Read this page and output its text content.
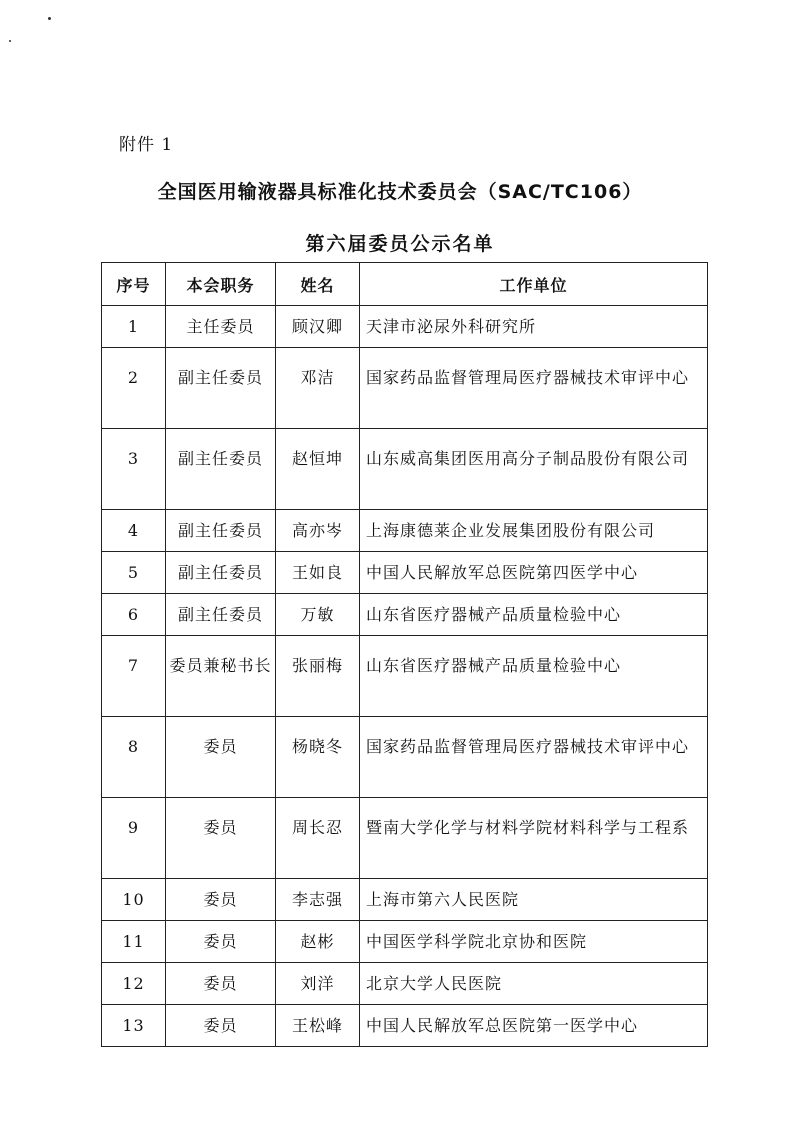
附件 1
全国医用输液器具标准化技术委员会（SAC/TC106）
第六届委员公示名单
序号	本会职务	姓名	工作单位

1	主任委员	顾汉卿	天津市泌尿外科研究所

2	副主任委员	邓洁	国家药品监督管理局医疗器械技术审评中心

3	副主任委员	赵恒坤	山东威高集团医用高分子制品股份有限公司

4	副主任委员	高亦岑	上海康德莱企业发展集团股份有限公司

5	副主任委员	王如良	中国人民解放军总医院第四医学中心

6	副主任委员	万敏	山东省医疗器械产品质量检验中心

7	委员兼秘书长	张丽梅	山东省医疗器械产品质量检验中心

8	委员	杨晓冬	国家药品监督管理局医疗器械技术审评中心

9	委员	周长忍	暨南大学化学与材料学院材料科学与工程系

10	委员	李志强	上海市第六人民医院

11	委员	赵彬	中国医学科学院北京协和医院

12	委员	刘洋	北京大学人民医院

13	委员	王松峰	中国人民解放军总医院第一医学中心
